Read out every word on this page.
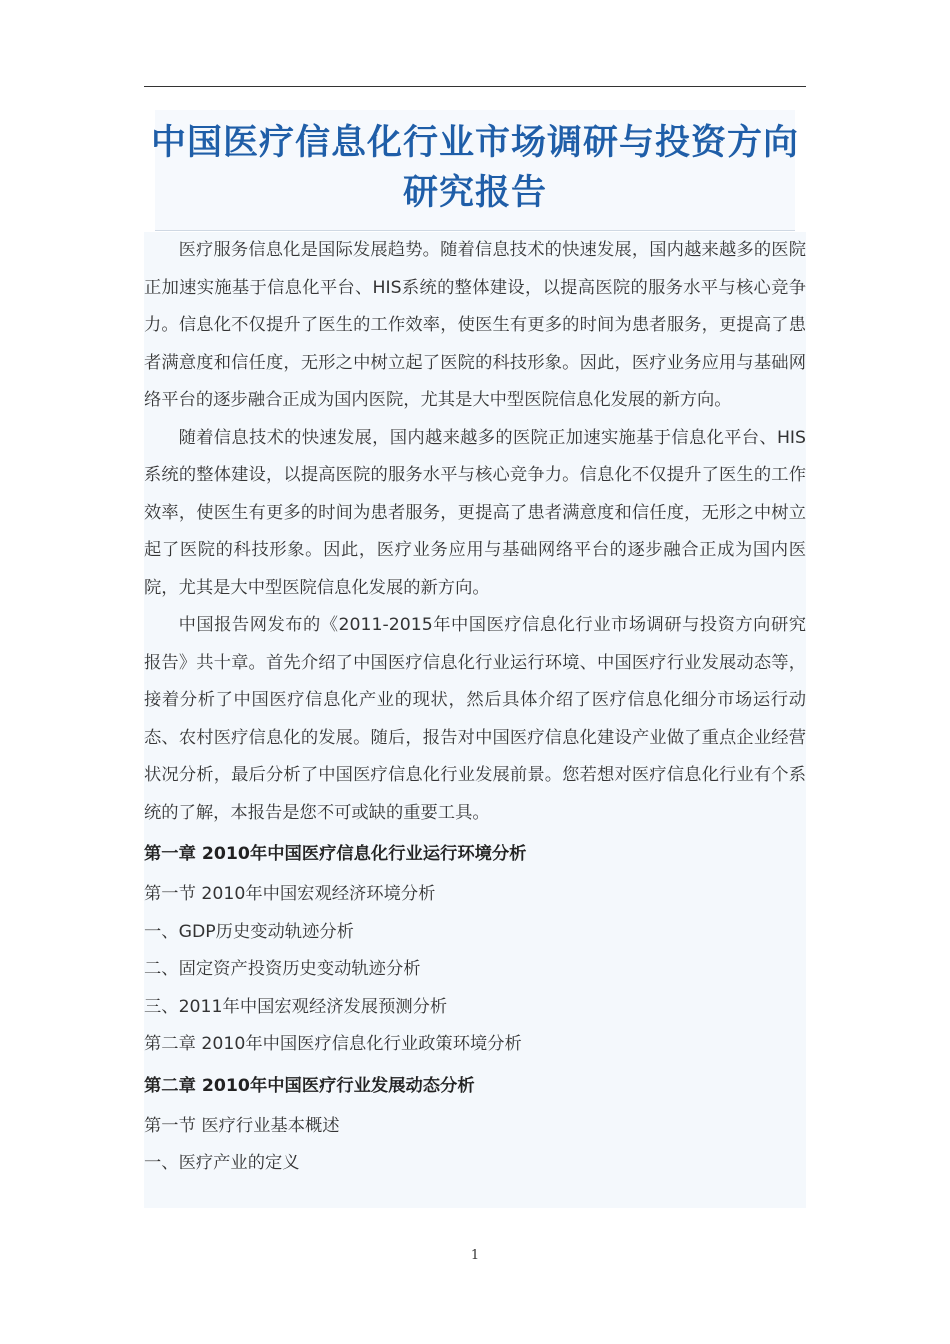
中国医疗信息化行业市场调研与投资方向
研究报告

医疗服务信息化是国际发展趋势。随着信息技术的快速发展，国内越来越多的医院正加速实施基于信息化平台、HIS系统的整体建设，以提高医院的服务水平与核心竞争力。信息化不仅提升了医生的工作效率，使医生有更多的时间为患者服务，更提高了患者满意度和信任度，无形之中树立起了医院的科技形象。因此，医疗业务应用与基础网络平台的逐步融合正成为国内医院，尤其是大中型医院信息化发展的新方向。

随着信息技术的快速发展，国内越来越多的医院正加速实施基于信息化平台、HIS系统的整体建设，以提高医院的服务水平与核心竞争力。信息化不仅提升了医生的工作效率，使医生有更多的时间为患者服务，更提高了患者满意度和信任度，无形之中树立起了医院的科技形象。因此，医疗业务应用与基础网络平台的逐步融合正成为国内医院，尤其是大中型医院信息化发展的新方向。

中国报告网发布的《2011-2015年中国医疗信息化行业市场调研与投资方向研究报告》共十章。首先介绍了中国医疗信息化行业运行环境、中国医疗行业发展动态等，接着分析了中国医疗信息化产业的现状，然后具体介绍了医疗信息化细分市场运行动态、农村医疗信息化的发展。随后，报告对中国医疗信息化建设产业做了重点企业经营状况分析，最后分析了中国医疗信息化行业发展前景。您若想对医疗信息化行业有个系统的了解，本报告是您不可或缺的重要工具。

第一章 2010年中国医疗信息化行业运行环境分析
第一节 2010年中国宏观经济环境分析
一、GDP历史变动轨迹分析
二、固定资产投资历史变动轨迹分析
三、2011年中国宏观经济发展预测分析
第二章 2010年中国医疗信息化行业政策环境分析
第二章 2010年中国医疗行业发展动态分析
第一节 医疗行业基本概述
一、医疗产业的定义
1
